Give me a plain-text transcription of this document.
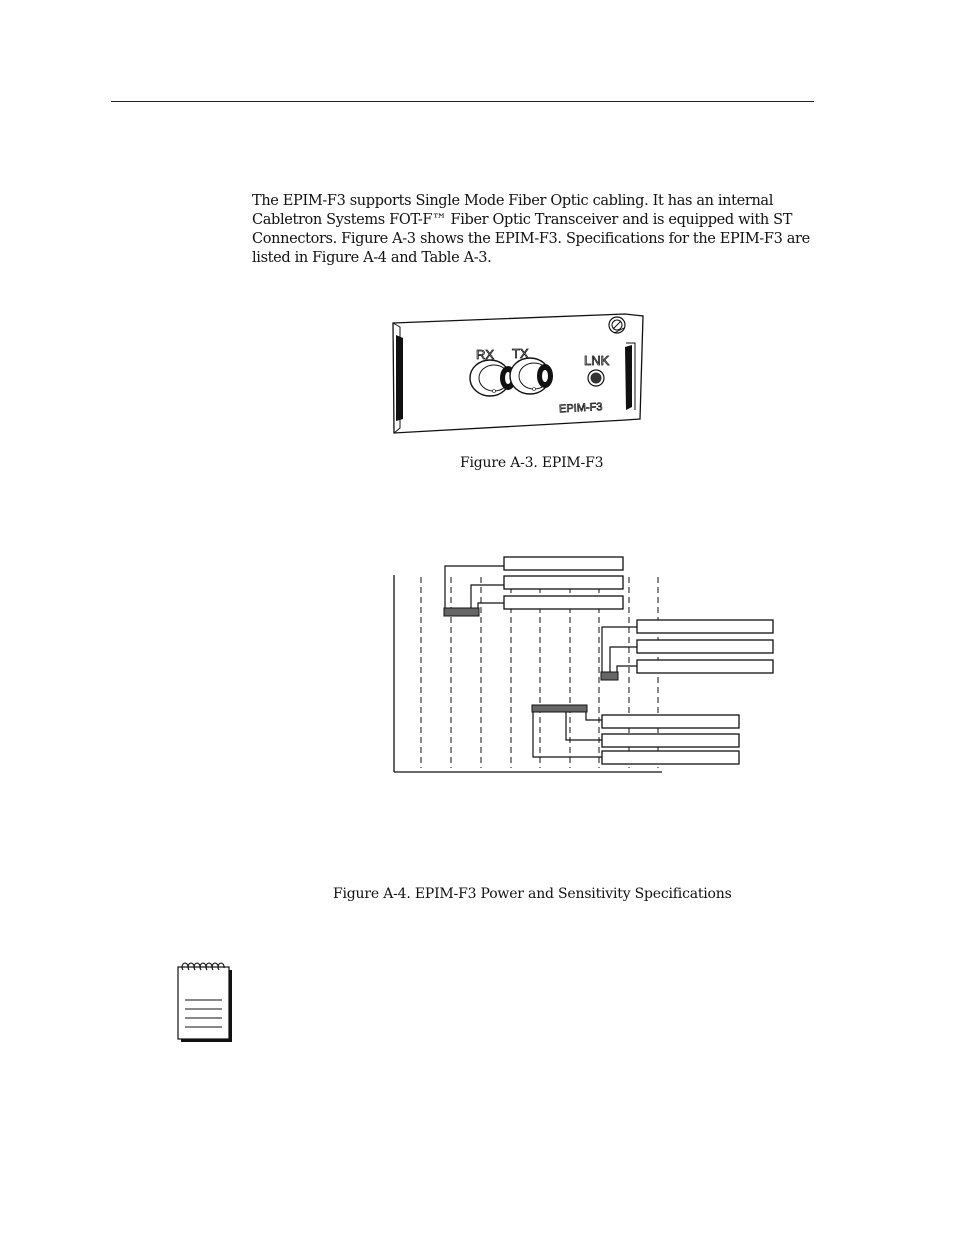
The EPIM-F3 supports Single Mode Fiber Optic cabling. It has an internal
Cabletron Systems FOT-F™ Fiber Optic Transceiver and is equipped with ST
Connectors. Figure A-3 shows the EPIM-F3. Specifications for the EPIM-F3 are
listed in Figure A-4 and Table A-3.
RX TX	LNK
EPIM-F3
Figure A-3. EPIM-F3
Figure A-4. EPIM-F3 Power and Sensitivity Specifications
